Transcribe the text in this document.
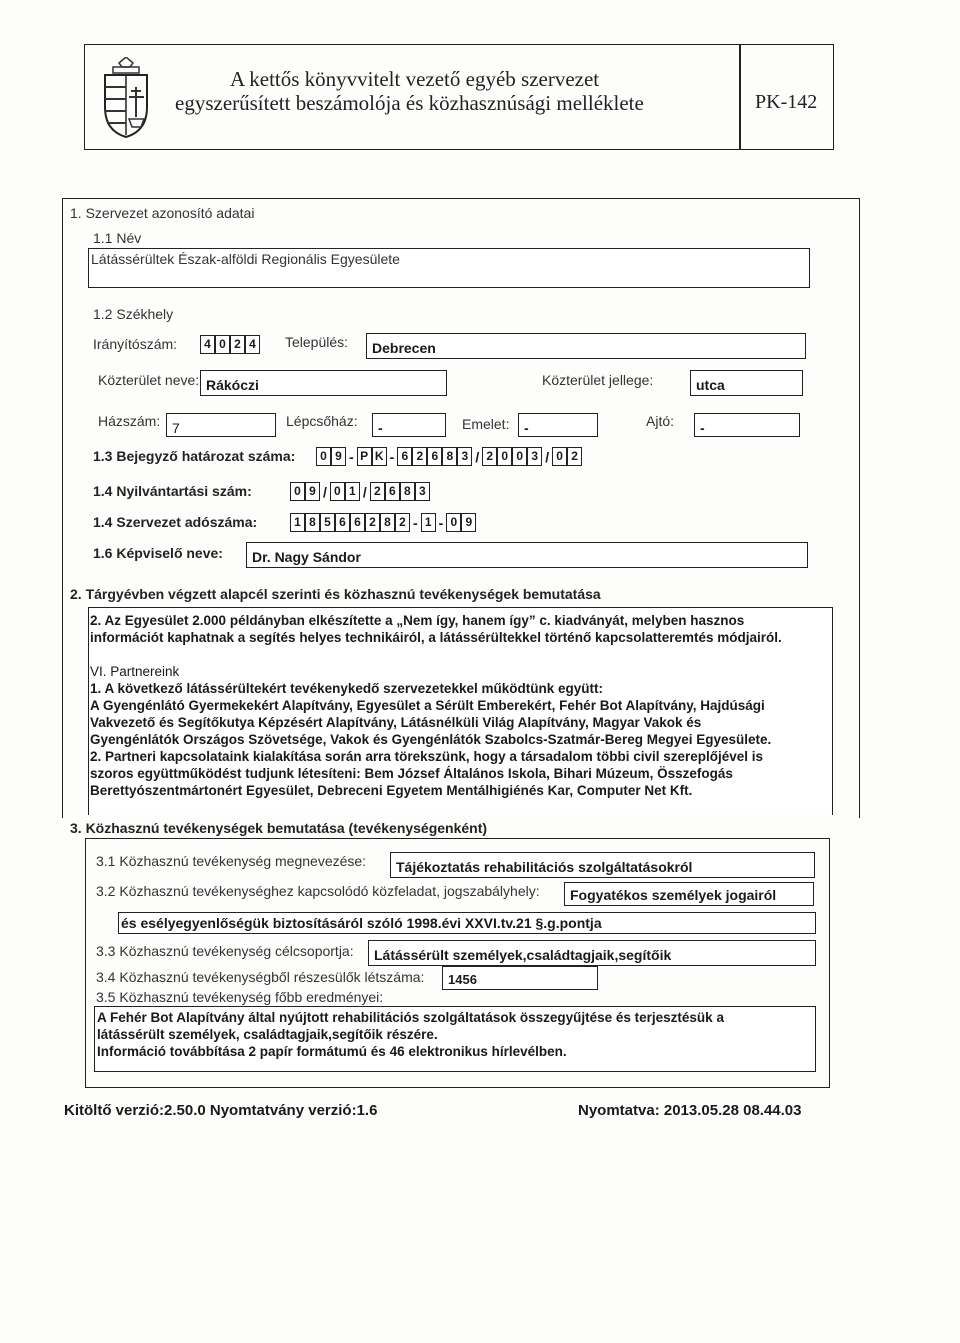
A kettős könyvvitelt vezető egyéb szervezet
egyszerűsített beszámolója és közhasznúsági melléklete	PK-142
1. Szervezet azonosító adatai
1.1 Név
Látássérültek Észak-alföldi Regionális Egyesülete
1.2 Székhely
Irányítószám:	4 0 2 4 Település:	Debrecen
Közterület neve: Rákóczi	Közterület jellege:	utca
Házszám: 7	Lépcsőház:	-	Emelet:	-	Ajtó:	-
1.3 Bejegyző határozat száma:	0 9 - P K - 6 2 6 8 3 / 2 0 0 3 / 0 2
1.4 Nyilvántartási szám:	0 9 / 0 1 / 2 6 8 3
1.4 Szervezet adószáma:	1 8 5 6 6 2 8 2 - 1 - 0 9
1.6 Képviselő neve:	Dr. Nagy Sándor
2. Tárgyévben végzett alapcél szerinti és közhasznú tevékenységek bemutatása
2. Az Egyesület 2.000 példányban elkészítette a „Nem így, hanem így” c. kiadványát, melyben hasznos
információt kaphatnak a segítés helyes technikáiról, a látássérültekkel történő kapcsolatteremtés módjairól.
VI. Partnereink
1. A következő látássérültekért tevékenykedő szervezetekkel működtünk együtt:
A Gyengénlátó Gyermekekért Alapítvány, Egyesület a Sérült Emberekért, Fehér Bot Alapítvány, Hajdúsági
Vakvezető és Segítőkutya Képzésért Alapítvány, Látásnélküli Világ Alapítvány, Magyar Vakok és
Gyengénlátók Országos Szövetsége, Vakok és Gyengénlátók Szabolcs-Szatmár-Bereg Megyei Egyesülete.
2. Partneri kapcsolataink kialakítása során arra törekszünk, hogy a társadalom többi civil szereplőjével is
szoros együttműködést tudjunk létesíteni: Bem József Általános Iskola, Bihari Múzeum, Összefogás
Berettyószentmártonért Egyesület, Debreceni Egyetem Mentálhigiénés Kar, Computer Net Kft.
3. Közhasznú tevékenységek bemutatása (tevékenységenként)
3.1 Közhasznú tevékenység megnevezése:	Tájékoztatás rehabilitációs szolgáltatásokról
3.2 Közhasznú tevékenységhez kapcsolódó közfeladat, jogszabályhely:	Fogyatékos személyek jogairól
és esélyegyenlőségük biztosításáról szóló 1998.évi XXVI.tv.21 §.g.pontja
3.3 Közhasznú tevékenység célcsoportja:	Látássérült személyek,családtagjaik,segítőik
3.4 Közhasznú tevékenységből részesülők létszáma:	1456
3.5 Közhasznú tevékenység főbb eredményei:
A Fehér Bot Alapítvány által nyújtott rehabilitációs szolgáltatások összegyűjtése és terjesztésük a
látássérült személyek, családtagjaik,segítőik részére.
Információ továbbítása 2 papír formátumú és 46 elektronikus hírlevélben.
Kitöltő verzió:2.50.0 Nyomtatvány verzió:1.6	Nyomtatva: 2013.05.28 08.44.03
